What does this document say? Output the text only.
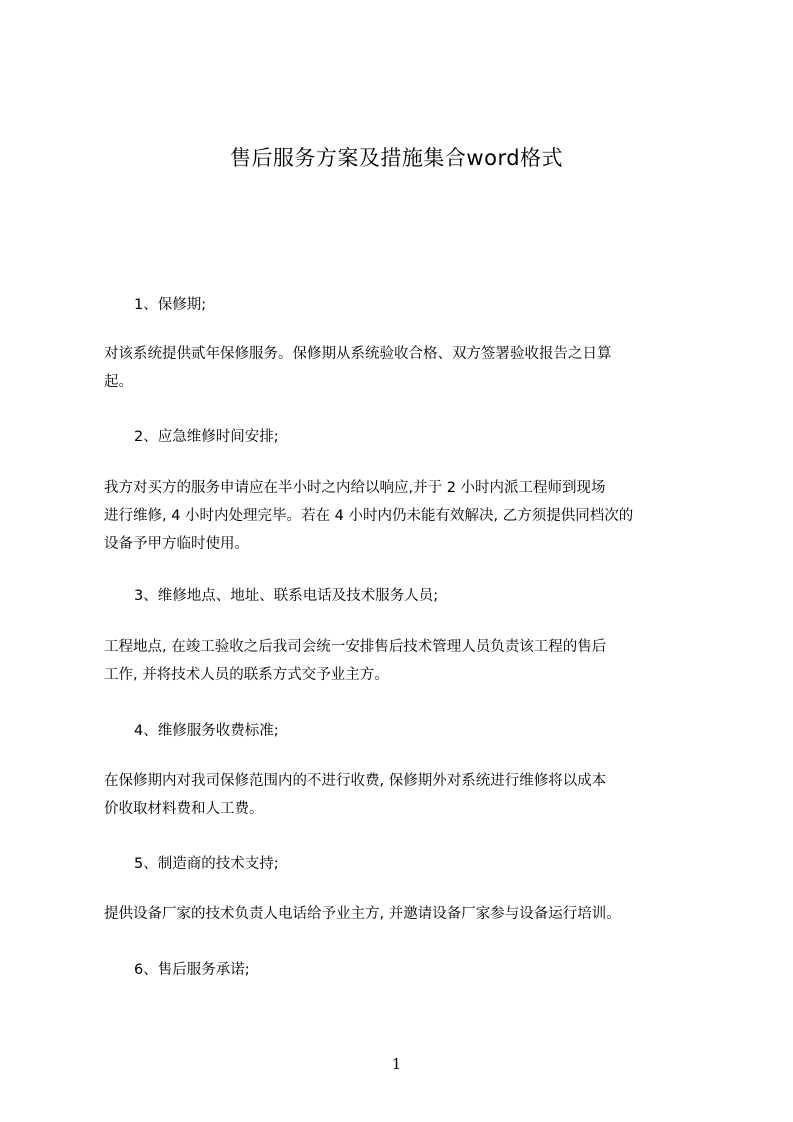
售后服务方案及措施集合word格式
1、保修期;
对该系统提供贰年保修服务。保修期从系统验收合格、双方签署验收报告之日算
起。
2、应急维修时间安排;
我方对买方的服务申请应在半小时之内给以响应,并于 2 小时内派工程师到现场
进行维修, 4 小时内处理完毕。若在 4 小时内仍未能有效解决, 乙方须提供同档次的
设备予甲方临时使用。
3、维修地点、地址、联系电话及技术服务人员;
工程地点, 在竣工验收之后我司会统一安排售后技术管理人员负责该工程的售后
工作, 并将技术人员的联系方式交予业主方。
4、维修服务收费标准;
在保修期内对我司保修范围内的不进行收费, 保修期外对系统进行维修将以成本
价收取材料费和人工费。
5、制造商的技术支持;
提供设备厂家的技术负责人电话给予业主方, 并邀请设备厂家参与设备运行培训。
6、售后服务承诺;
1
